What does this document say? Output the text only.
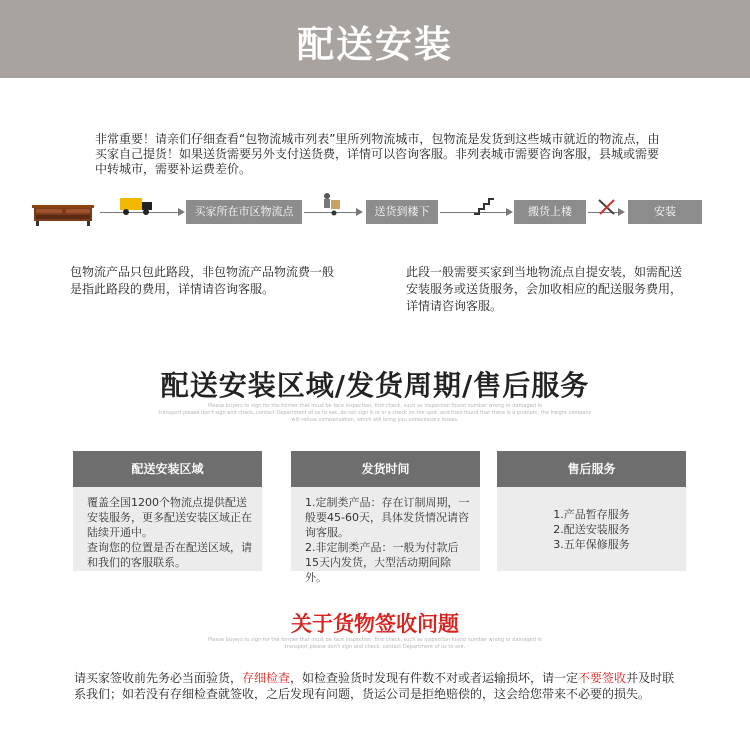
配送安装
非常重要！请亲们仔细查看“包物流城市列表”里所列物流城市，包物流是发货到这些城市就近的物流点，由买家自己提货！如果送货需要另外支付送货费，详情可以咨询客服。非列表城市需要咨询客服，县城或需要中转城市，需要补运费差价。
买家所在市区物流点	送货到楼下	搬货上楼	安装
包物流产品只包此路段，非包物流产品物流费一般是指此路段的费用，详情请咨询客服。
此段一般需要买家到当地物流点自提安装，如需配送安装服务或送货服务，会加收相应的配送服务费用，详情请咨询客服。
配送安装区域/发货周期/售后服务
Please buyers to sign for the former that must be face inspection, first check, such as inspection found number wrong or damaged in
transport please don't sign and check, contact Department of us to ask, do not sign it or in a check on the spot, and then found that there is a problem, the freight company
will refuse compensation, which will bring you unnecessary losses.
配送安装区域
覆盖全国1200个物流点提供配送安装服务，更多配送安装区域正在陆续开通中。
查询您的位置是否在配送区域，请和我们的客服联系。
发货时间
1.定制类产品：存在订制周期，一般要45-60天，具体发货情况请咨询客服。
2.非定制类产品：一般为付款后15天内发货，大型活动期间除外。
售后服务
1.产品暂存服务
2.配送安装服务
3.五年保修服务
关于货物签收问题
Please buyers to sign for the former that must be face inspection, first check, such as inspection found number wrong or damaged in
transport please don't sign and check, contact Department of us to ask.
请买家签收前先务必当面验货，存细检查，如检查验货时发现有件数不对或者运输损坏，请一定不要签收并及时联系我们；如若没有存细检查就签收，之后发现有问题，货运公司是拒绝赔偿的，这会给您带来不必要的损失。
